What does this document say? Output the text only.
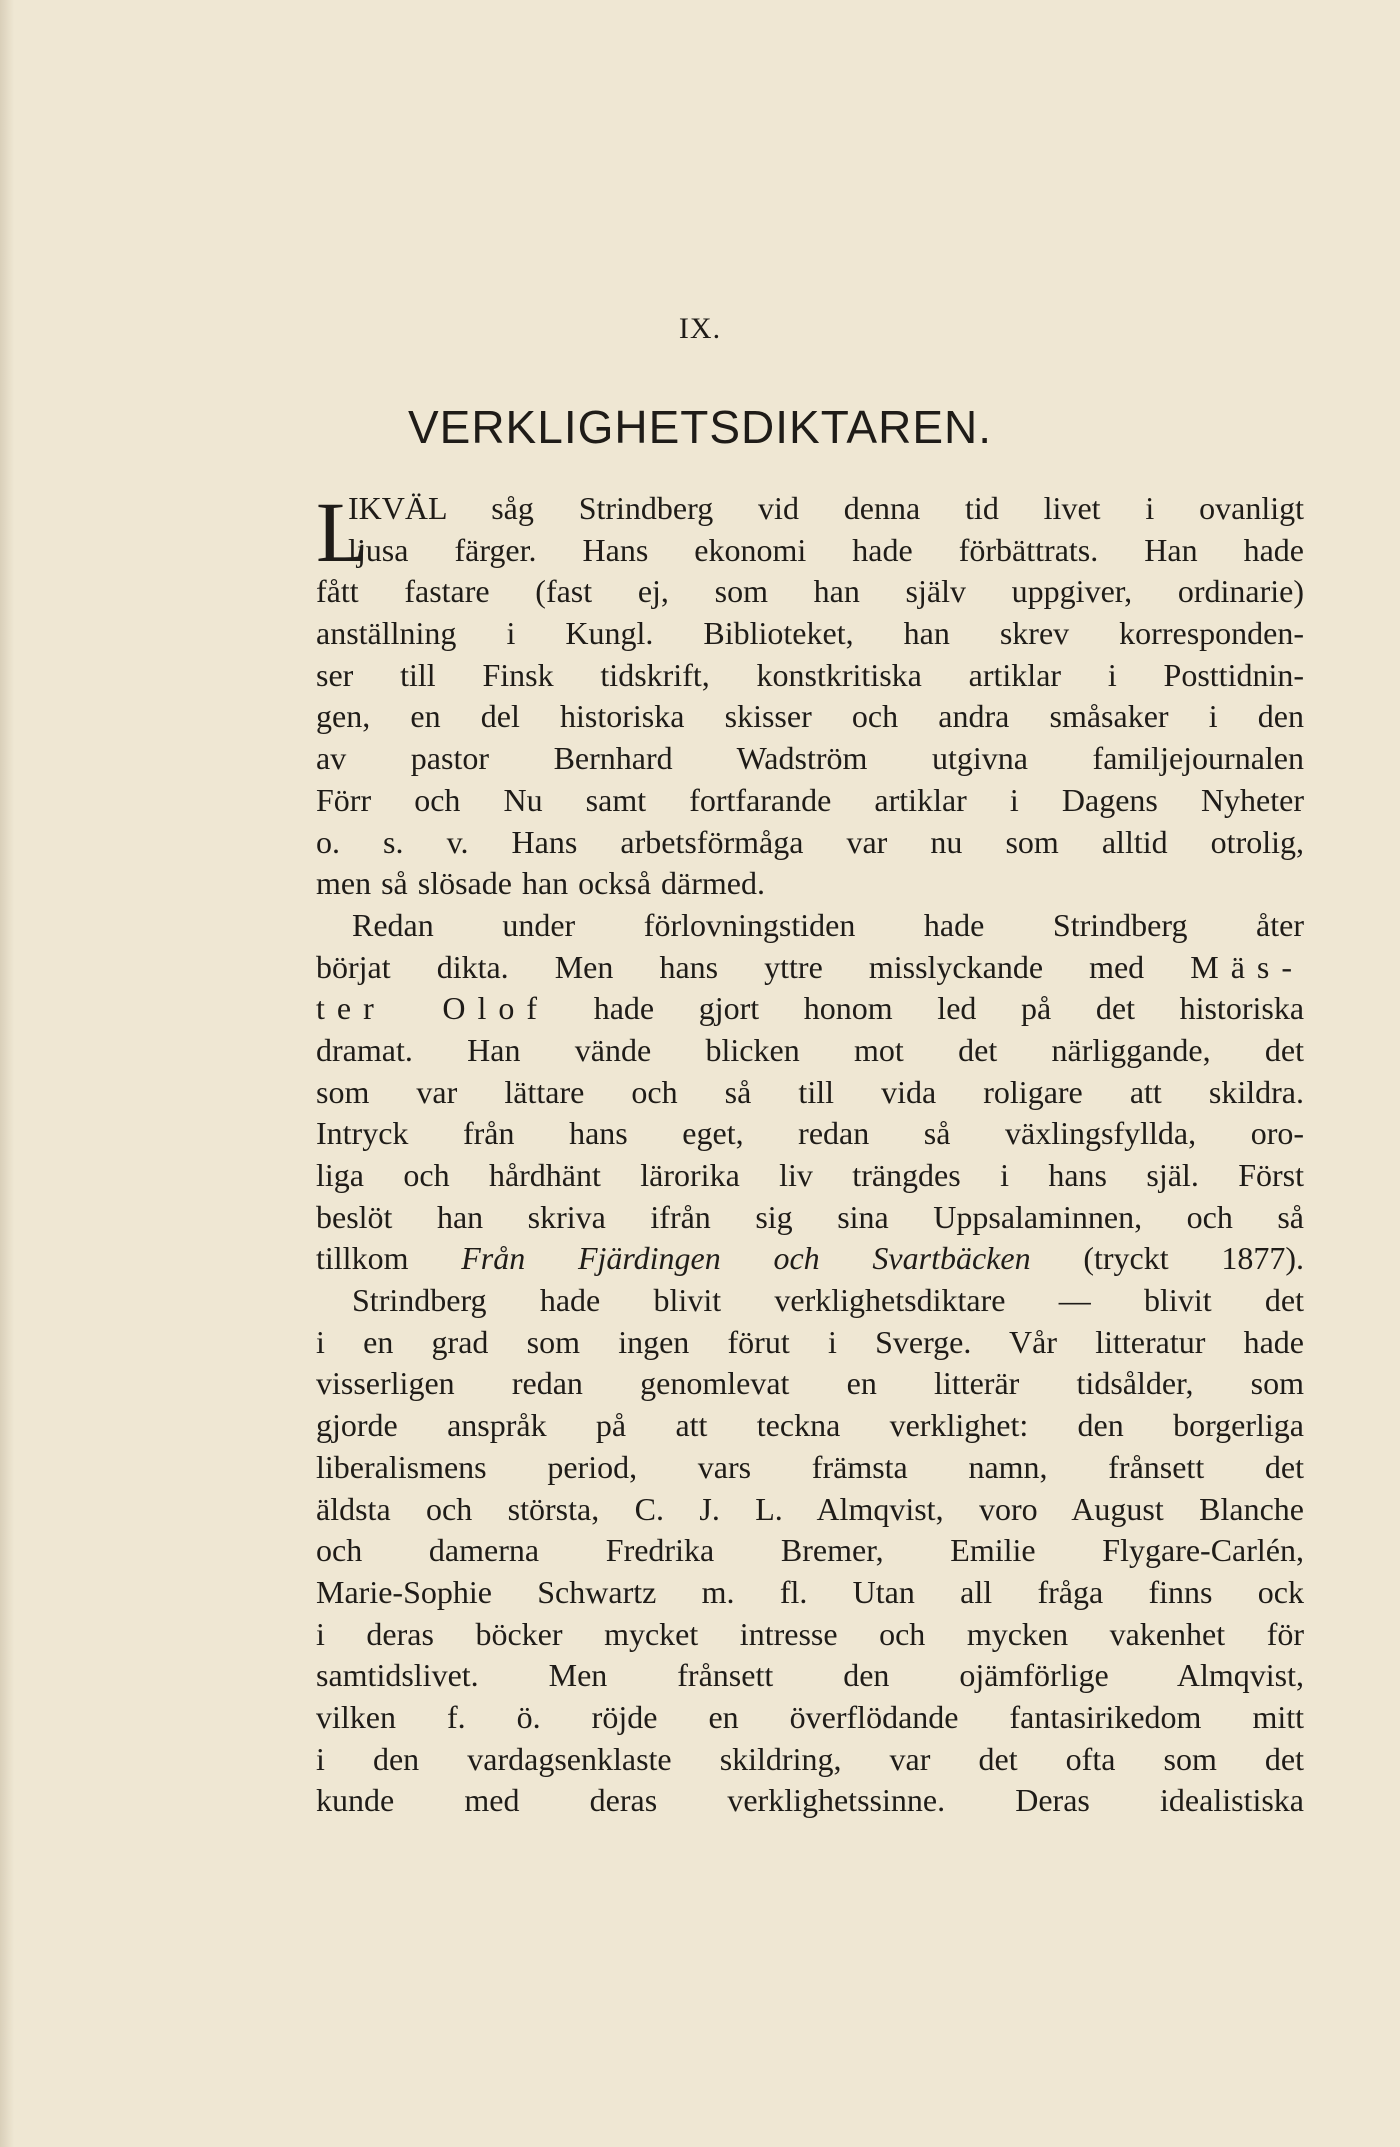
IX.
VERKLIGHETSDIKTAREN.
L
IKVÄL såg Strindberg vid denna tid livet i ovanligt
ljusa färger. Hans ekonomi hade förbättrats. Han hade
fått fastare (fast ej, som han själv uppgiver, ordinarie)
anställning i Kungl. Biblioteket, han skrev korresponden-
ser till Finsk tidskrift, konstkritiska artiklar i Posttidnin-
gen, en del historiska skisser och andra småsaker i den
av pastor Bernhard Wadström utgivna familjejournalen
Förr och Nu samt fortfarande artiklar i Dagens Nyheter
o. s. v. Hans arbetsförmåga var nu som alltid otrolig,
men så slösade han också därmed.
Redan under förlovningstiden hade Strindberg åter
börjat dikta. Men hans yttre misslyckande med Mäs-
ter Olof hade gjort honom led på det historiska
dramat. Han vände blicken mot det närliggande, det
som var lättare och så till vida roligare att skildra.
Intryck från hans eget, redan så växlingsfyllda, oro-
liga och hårdhänt lärorika liv trängdes i hans själ. Först
beslöt han skriva ifrån sig sina Uppsalaminnen, och så
tillkom Från Fjärdingen och Svartbäcken (tryckt 1877).
Strindberg hade blivit verklighetsdiktare — blivit det
i en grad som ingen förut i Sverge. Vår litteratur hade
visserligen redan genomlevat en litterär tidsålder, som
gjorde anspråk på att teckna verklighet: den borgerliga
liberalismens period, vars främsta namn, frånsett det
äldsta och största, C. J. L. Almqvist, voro August Blanche
och damerna Fredrika Bremer, Emilie Flygare-Carlén,
Marie-Sophie Schwartz m. fl. Utan all fråga finns ock
i deras böcker mycket intresse och mycken vakenhet för
samtidslivet. Men frånsett den ojämförlige Almqvist,
vilken f. ö. röjde en överflödande fantasirikedom mitt
i den vardagsenklaste skildring, var det ofta som det
kunde med deras verklighetssinne. Deras idealistiska
